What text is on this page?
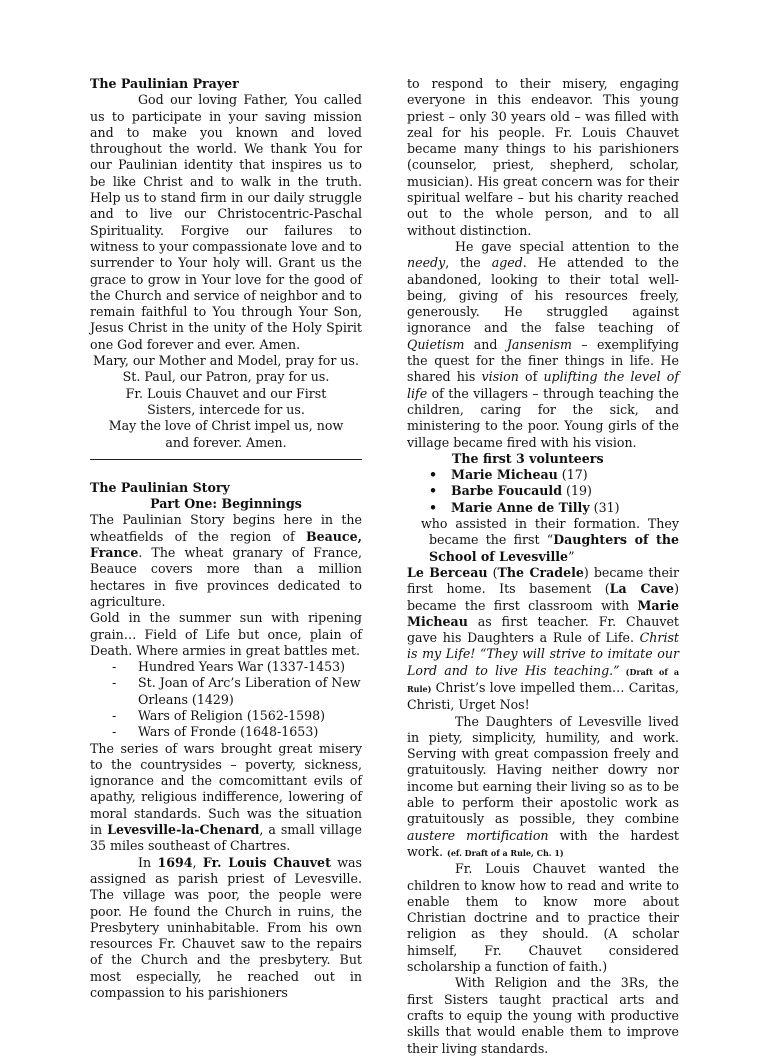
The Paulinian Prayer

God our loving Father, You called us to participate in your saving mission and to make you known and loved throughout the world. We thank You for our Paulinian identity that inspires us to be like Christ and to walk in the truth. Help us to stand firm in our daily struggle and to live our Christocentric-Paschal Spirituality. Forgive our failures to witness to your compassionate love and to surrender to Your holy will. Grant us the grace to grow in Your love for the good of the Church and service of neighbor and to remain faithful to You through Your Son, Jesus Christ in the unity of the Holy Spirit one God forever and ever. Amen.

Mary, our Mother and Model, pray for us.

St. Paul, our Patron, pray for us.

Fr. Louis Chauvet and our First Sisters, intercede for us.

May the love of Christ impel us, now and forever. Amen.

The Paulinian Story

Part One: Beginnings

The Paulinian Story begins here in the wheatfields of the region of Beauce, France. The wheat granary of France, Beauce covers more than a million hectares in five provinces dedicated to agriculture.

Gold in the summer sun with ripening grain… Field of Life but once, plain of Death. Where armies in great battles met.

- Hundred Years War (1337-1453)
- St. Joan of Arc’s Liberation of New Orleans (1429)
- Wars of Religion (1562-1598)
- Wars of Fronde (1648-1653)

The series of wars brought great misery to the countrysides – poverty, sickness, ignorance and the comcomittant evils of apathy, religious indifference, lowering of moral standards. Such was the situation in Levesville-la-Chenard, a small village 35 miles southeast of Chartres.

In 1694, Fr. Louis Chauvet was assigned as parish priest of Levesville. The village was poor, the people were poor. He found the Church in ruins, the Presbytery uninhabitable. From his own resources Fr. Chauvet saw to the repairs of the Church and the presbytery. But most especially, he reached out in compassion to his parishioners

to respond to their misery, engaging everyone in this endeavor. This young priest – only 30 years old – was filled with zeal for his people. Fr. Louis Chauvet became many things to his parishioners (counselor, priest, shepherd, scholar, musician). His great concern was for their spiritual welfare – but his charity reached out to the whole person, and to all without distinction.

He gave special attention to the needy, the aged. He attended to the abandoned, looking to their total well-being, giving of his resources freely, generously. He struggled against ignorance and the false teaching of Quietism and Jansenism – exemplifying the quest for the finer things in life. He shared his vision of uplifting the level of life of the villagers – through teaching the children, caring for the sick, and ministering to the poor. Young girls of the village became fired with his vision.

The first 3 volunteers

• Marie Micheau (17)
• Barbe Foucauld (19)
• Marie Anne de Tilly (31)

who assisted in their formation. They became the first “Daughters of the School of Levesville”

Le Berceau (The Cradele) became their first home. Its basement (La Cave) became the first classroom with Marie Micheau as first teacher. Fr. Chauvet gave his Daughters a Rule of Life. Christ is my Life! “They will strive to imitate our Lord and to live His teaching.” (Draft of a Rule) Christ’s love impelled them… Caritas, Christi, Urget Nos!

The Daughters of Levesville lived in piety, simplicity, humility, and work. Serving with great compassion freely and gratuitously. Having neither dowry nor income but earning their living so as to be able to perform their apostolic work as gratuitously as possible, they combine austere mortification with the hardest work. (ef. Draft of a Rule, Ch. 1)

Fr. Louis Chauvet wanted the children to know how to read and write to enable them to know more about Christian doctrine and to practice their religion as they should. (A scholar himself, Fr. Chauvet considered scholarship a function of faith.)

With Religion and the 3Rs, the first Sisters taught practical arts and crafts to equip the young with productive skills that would enable them to improve their living standards.
